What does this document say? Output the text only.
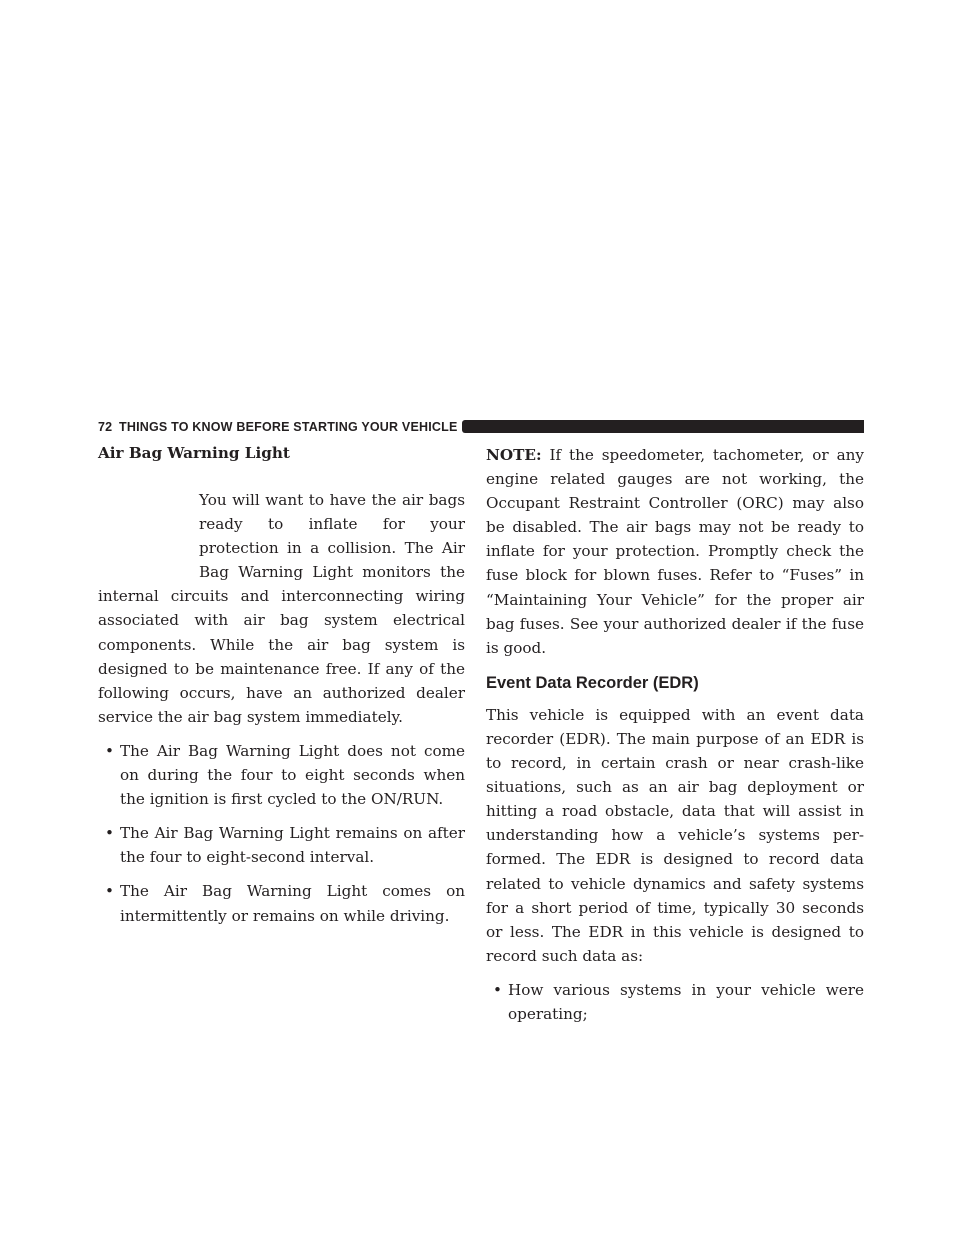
72 THINGS TO KNOW BEFORE STARTING YOUR VEHICLE

Air Bag Warning Light

You will want to have the air bags ready to inflate for your protection in a collision. The Air Bag Warning Light monitors the internal circuits and interconnecting wiring associated with air bag system electrical components. While the air bag system is designed to be maintenance free. If any of the following occurs, have an authorized dealer service the air bag system immediately.

• The Air Bag Warning Light does not come on during the four to eight seconds when the ignition is first cycled to the ON/RUN.

• The Air Bag Warning Light remains on after the four to eight-second interval.

• The Air Bag Warning Light comes on intermittently or remains on while driving.

NOTE: If the speedometer, tachometer, or any engine related gauges are not working, the Occupant Restraint Controller (ORC) may also be disabled. The air bags may not be ready to inflate for your protection. Promptly check the fuse block for blown fuses. Refer to “Fuses” in “Maintaining Your Vehicle” for the proper air bag fuses. See your authorized dealer if the fuse is good.

Event Data Recorder (EDR)

This vehicle is equipped with an event data recorder (EDR). The main purpose of an EDR is to record, in certain crash or near crash-like situations, such as an air bag deployment or hitting a road obstacle, data that will assist in understanding how a vehicle’s systems per-formed. The EDR is designed to record data related to vehicle dynamics and safety systems for a short period of time, typically 30 seconds or less. The EDR in this vehicle is designed to record such data as:

• How various systems in your vehicle were operating;
